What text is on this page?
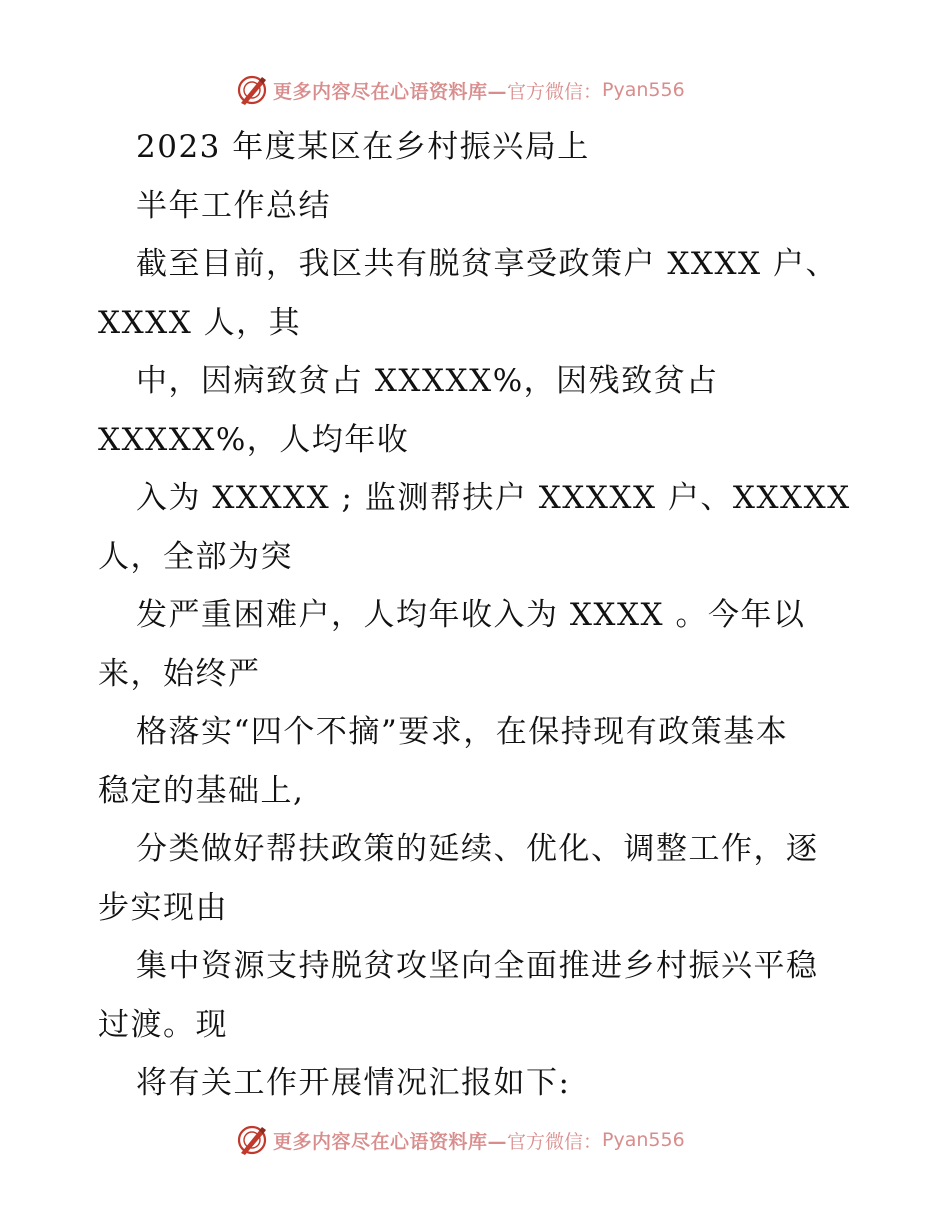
更多内容尽在心语资料库— 官方微信： Pyan556
2023 年度某区在乡村振兴局上
半年工作总结
截至目前，我区共有脱贫享受政策户 XXXX 户、
XXXX 人，其
中，因病致贫占 XXXXX%，因残致贫占
XXXXX%，人均年收
入为 XXXXX ; 监测帮扶户 XXXXX 户、XXXXX
人，全部为突
发严重困难户，人均年收入为 XXXX 。今年以
来，始终严
格落实“四个不摘”要求，在保持现有政策基本
稳定的基础上,
分类做好帮扶政策的延续、优化、调整工作，逐
步实现由
集中资源支持脱贫攻坚向全面推进乡村振兴平稳
过渡。现
将有关工作开展情况汇报如下:
更多内容尽在心语资料库— 官方微信： Pyan556
